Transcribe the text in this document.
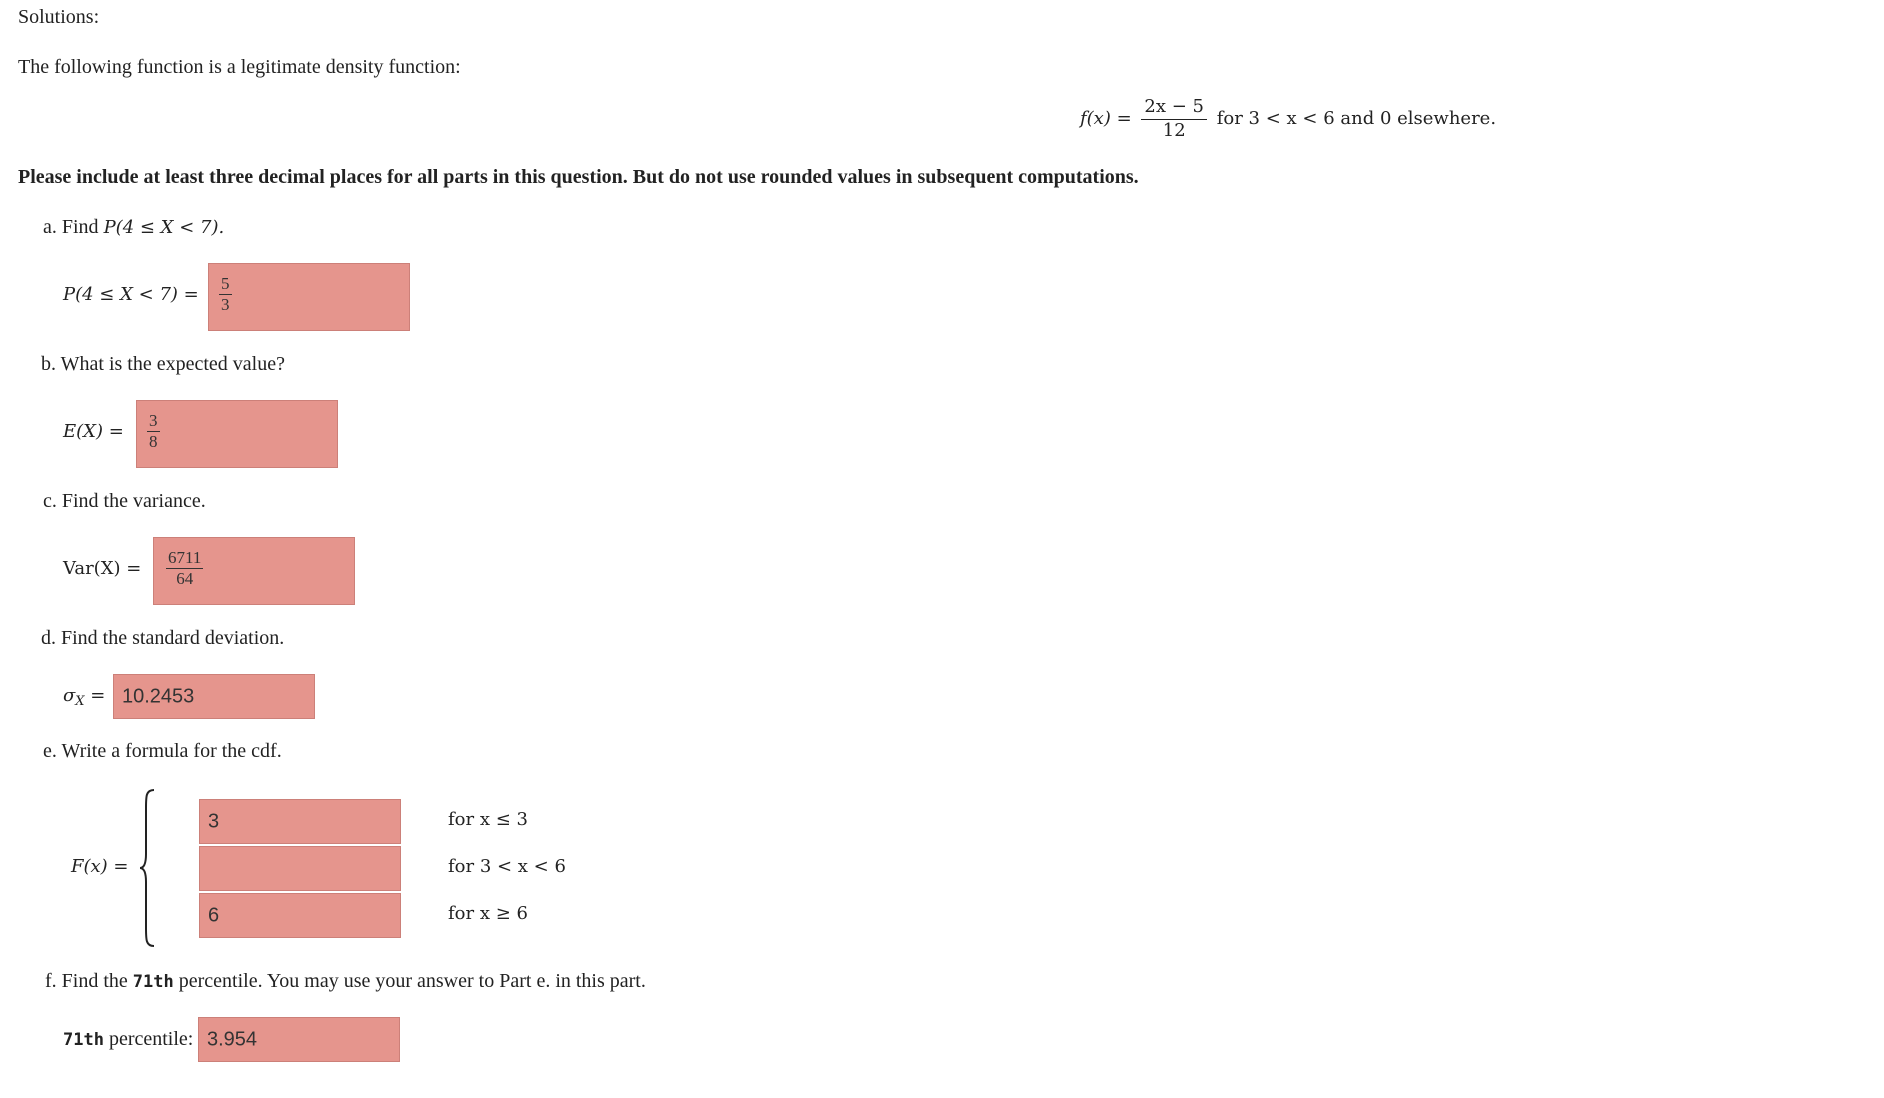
Solutions:
The following function is a legitimate density function:
$f(x) = \frac{2x - 5}{12}$ for 3 < x < 6 and 0 elsewhere.
Please include at least three decimal places for all parts in this question. But do not use rounded values in subsequent computations.
a. Find P(4 ≤ X < 7).
$P(4 \le X < 7) = \frac{5}{3}$
b. What is the expected value?
$E(X) = \frac{3}{8}$
c. Find the variance.
$Var(X) = \frac{6711}{64}$
d. Find the standard deviation.
$\sigma_X = 10.2453$
e. Write a formula for the cdf.
F(x) =
3
6
for x ≤ 3
for 3 < x < 6
for x ≥ 6
f. Find the 71th percentile. You may use your answer to Part e. in this part.
71th percentile: 3.954
